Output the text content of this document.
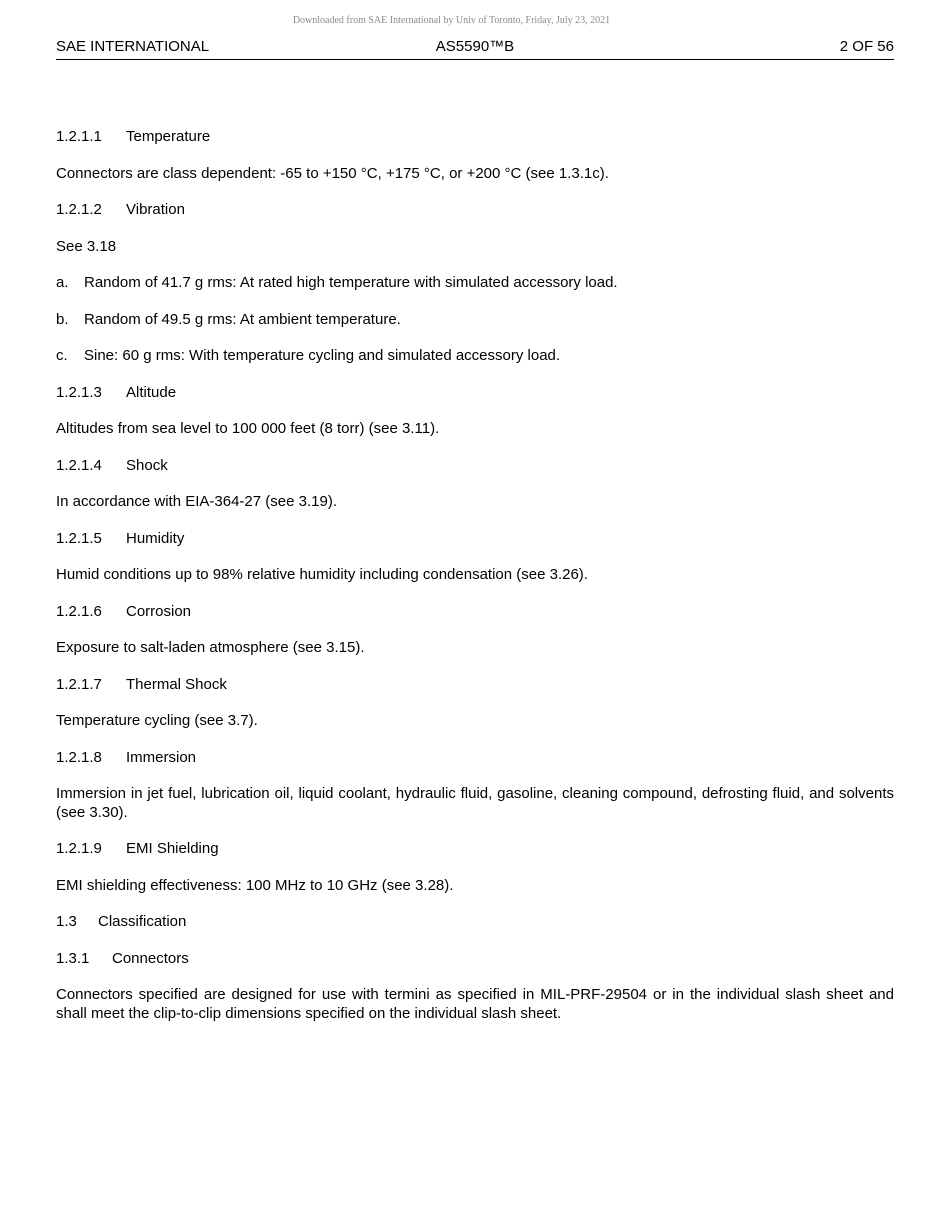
Downloaded from SAE International by Univ of Toronto, Friday, July 23, 2021
SAE INTERNATIONAL	AS5590™B	2 OF 56
1.2.1.1 Temperature
Connectors are class dependent: -65 to +150 °C, +175 °C, or +200 °C (see 1.3.1c).
1.2.1.2 Vibration
See 3.18
a. Random of 41.7 g rms: At rated high temperature with simulated accessory load.
b. Random of 49.5 g rms: At ambient temperature.
c. Sine: 60 g rms: With temperature cycling and simulated accessory load.
1.2.1.3 Altitude
Altitudes from sea level to 100 000 feet (8 torr) (see 3.11).
1.2.1.4 Shock
In accordance with EIA-364-27 (see 3.19).
1.2.1.5 Humidity
Humid conditions up to 98% relative humidity including condensation (see 3.26).
1.2.1.6 Corrosion
Exposure to salt-laden atmosphere (see 3.15).
1.2.1.7 Thermal Shock
Temperature cycling (see 3.7).
1.2.1.8 Immersion
Immersion in jet fuel, lubrication oil, liquid coolant, hydraulic fluid, gasoline, cleaning compound, defrosting fluid, and solvents (see 3.30).
1.2.1.9 EMI Shielding
EMI shielding effectiveness: 100 MHz to 10 GHz (see 3.28).
1.3 Classification
1.3.1 Connectors
Connectors specified are designed for use with termini as specified in MIL-PRF-29504 or in the individual slash sheet and shall meet the clip-to-clip dimensions specified on the individual slash sheet.
